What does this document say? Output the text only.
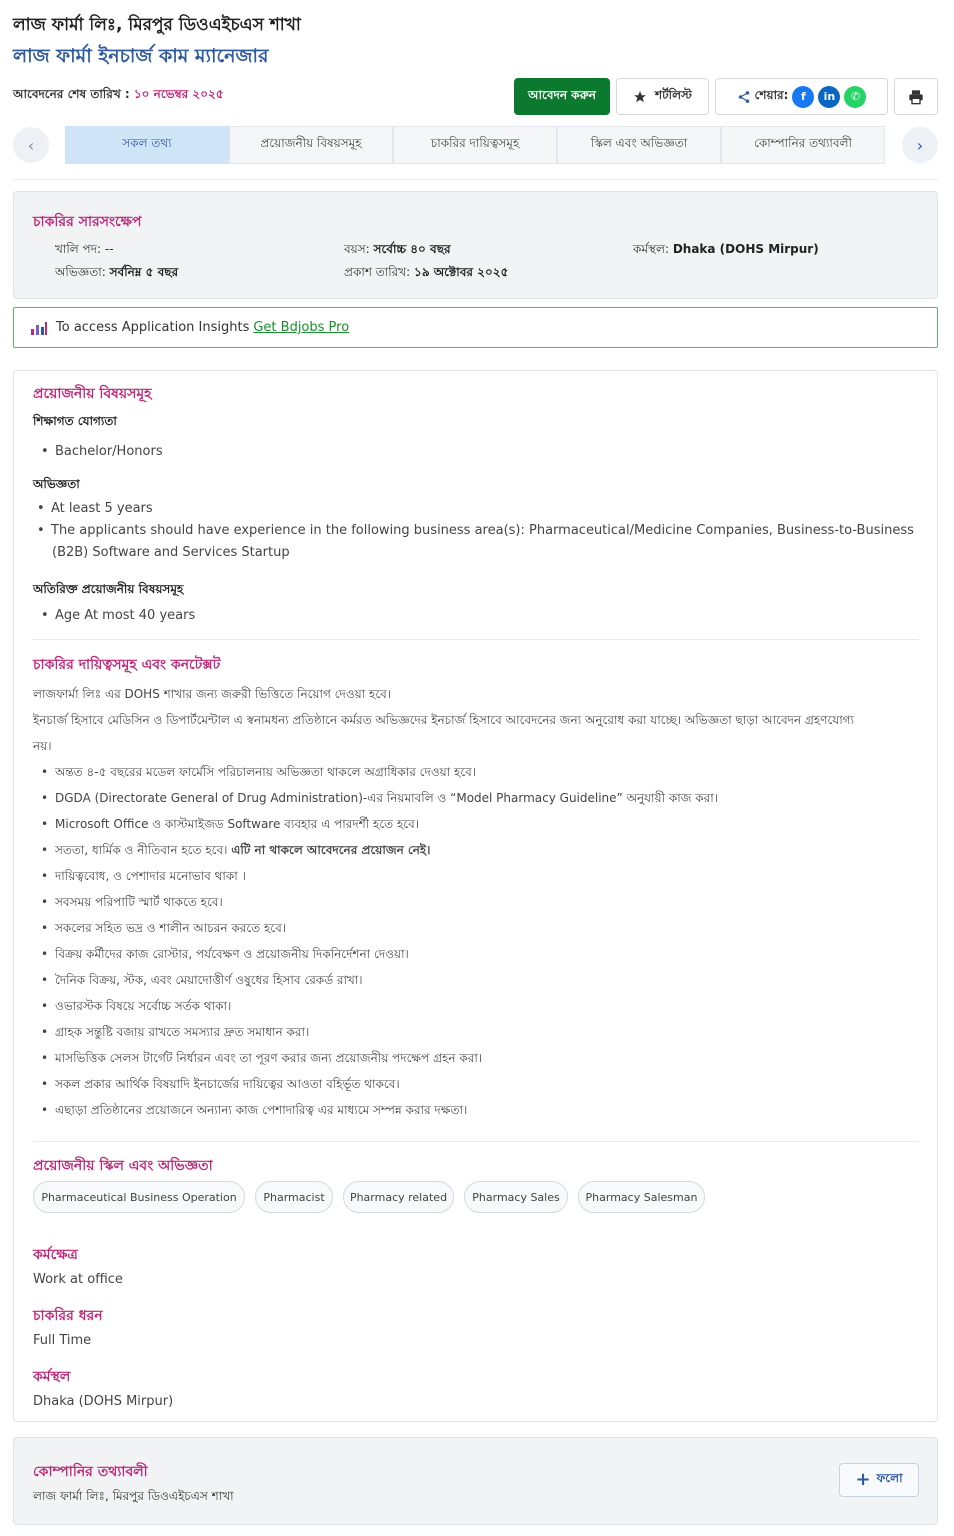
লাজ ফার্মা লিঃ, মিরপুর ডিওএইচএস শাখা
লাজ ফার্মা ইনচার্জ কাম ম্যানেজার
আবেদনের শেষ তারিখ : ১০ নভেম্বর ২০২৫	আবেদন করুন	শর্টলিস্ট	শেয়ার:	f	in	✆
‹	সকল তথ্য	প্রয়োজনীয় বিষয়সমূহ	চাকরির দায়িত্বসমূহ	স্কিল এবং অভিজ্ঞতা	কোম্পানির তথ্যাবলী	›
চাকরির সারসংক্ষেপ
খালি পদ: --	বয়স: সর্বোচ্চ ৪০ বছর	কর্মস্থল: Dhaka (DOHS Mirpur)
অভিজ্ঞতা: সর্বনিম্ন ৫ বছর	প্রকাশ তারিখ: ১৯ অক্টোবর ২০২৫
To access Application Insights Get Bdjobs Pro
প্রয়োজনীয় বিষয়সমূহ
শিক্ষাগত যোগ্যতা
• Bachelor/Honors
অভিজ্ঞতা
• At least 5 years
• The applicants should have experience in the following business area(s): Pharmaceutical/Medicine Companies, Business-to-Business
(B2B) Software and Services Startup
অতিরিক্ত প্রয়োজনীয় বিষয়সমূহ
• Age At most 40 years
চাকরির দায়িত্বসমূহ এবং কনটেক্সট
লাজফার্মা লিঃ এর DOHS শাখার জন্য জরুরী ভিত্তিতে নিয়োগ দেওয়া হবে।
ইনচার্জ হিসাবে মেডিসিন ও ডিপার্টমেন্টাল এ স্বনামধন্য প্রতিষ্ঠানে কর্মরত অভিজ্ঞদের ইনচার্জ হিসাবে আবেদনের জন্য অনুরোধ করা যাচ্ছে। অভিজ্ঞতা ছাড়া আবেদন গ্রহণযোগ্য
নয়।
• অন্তত ৪-৫ বছরের মডেল ফার্মেসি পরিচালনায় অভিজ্ঞতা থাকলে অগ্রাধিকার দেওয়া হবে।
• DGDA (Directorate General of Drug Administration)-এর নিয়মাবলি ও “Model Pharmacy Guideline” অনুযায়ী কাজ করা।
• Microsoft Office ও কাস্টমাইজড Software ব্যবহার এ পারদর্শী হতে হবে।
• সততা, ধার্মিক ও নীতিবান হতে হবে। এটি না থাকলে আবেদনের প্রয়োজন নেই।
• দায়িত্ববোধ, ও পেশাদার মনোভাব থাকা ।
• সবসময় পরিপাটি স্মার্ট থাকতে হবে।
• সকলের সহিত ভদ্র ও শালীন আচরন করতে হবে।
• বিক্রয় কর্মীদের কাজ রোস্টার, পর্যবেক্ষণ ও প্রয়োজনীয় দিকনির্দেশনা দেওয়া।
• দৈনিক বিক্রয়, স্টক, এবং মেয়াদোত্তীর্ণ ওষুধের হিসাব রেকর্ড রাখা।
• ওভারস্টক বিষয়ে সর্বোচ্চ সর্তক থাকা।
• গ্রাহক সন্তুষ্টি বজায় রাখতে সমস্যার দ্রুত সমাধান করা।
• মাসভিত্তিক সেলস টার্গেট নির্ধারন এবং তা পূরণ করার জন্য প্রয়োজনীয় পদক্ষেপ গ্রহন করা।
• সকল প্রকার আর্থিক বিষয়াদি ইনচার্জের দায়িত্বের আওতা বহির্ভূত থাকবে।
• এছাড়া প্রতিষ্ঠানের প্রয়োজনে অন্যান্য কাজ পেশাদারিত্ব এর মাধ্যমে সম্পন্ন করার দক্ষতা।
প্রয়োজনীয় স্কিল এবং অভিজ্ঞতা
Pharmaceutical Business Operation	Pharmacist	Pharmacy related	Pharmacy Sales	Pharmacy Salesman
কর্মক্ষেত্র
Work at office
চাকরির ধরন
Full Time
কর্মস্থল
Dhaka (DOHS Mirpur)
কোম্পানির তথ্যাবলী
লাজ ফার্মা লিঃ, মিরপুর ডিওএইচএস শাখা
+ ফলো
